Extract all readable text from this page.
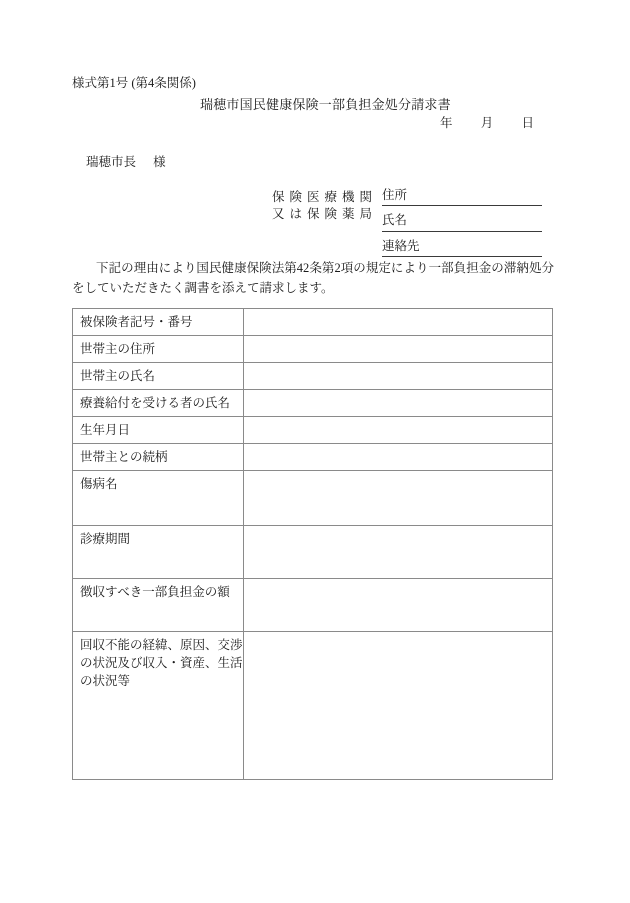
様式第1号 (第4条関係)
瑞穂市国民健康保険一部負担金処分請求書
年 月 日
瑞穂市長 様
保険医療機関
又は保険薬局
住所
氏名
連絡先
下記の理由により国民健康保険法第42条第2項の規定により一部負担金の滞納処分をしていただきたく調書を添えて請求します。
被保険者記号・番号	
世帯主の住所	
世帯主の氏名	
療養給付を受ける者の氏名	
生年月日	
世帯主との続柄	
傷病名	
診療期間	
徴収すべき一部負担金の額	
回収不能の経緯、原因、交渉の状況及び収入・資産、生活の状況等	
